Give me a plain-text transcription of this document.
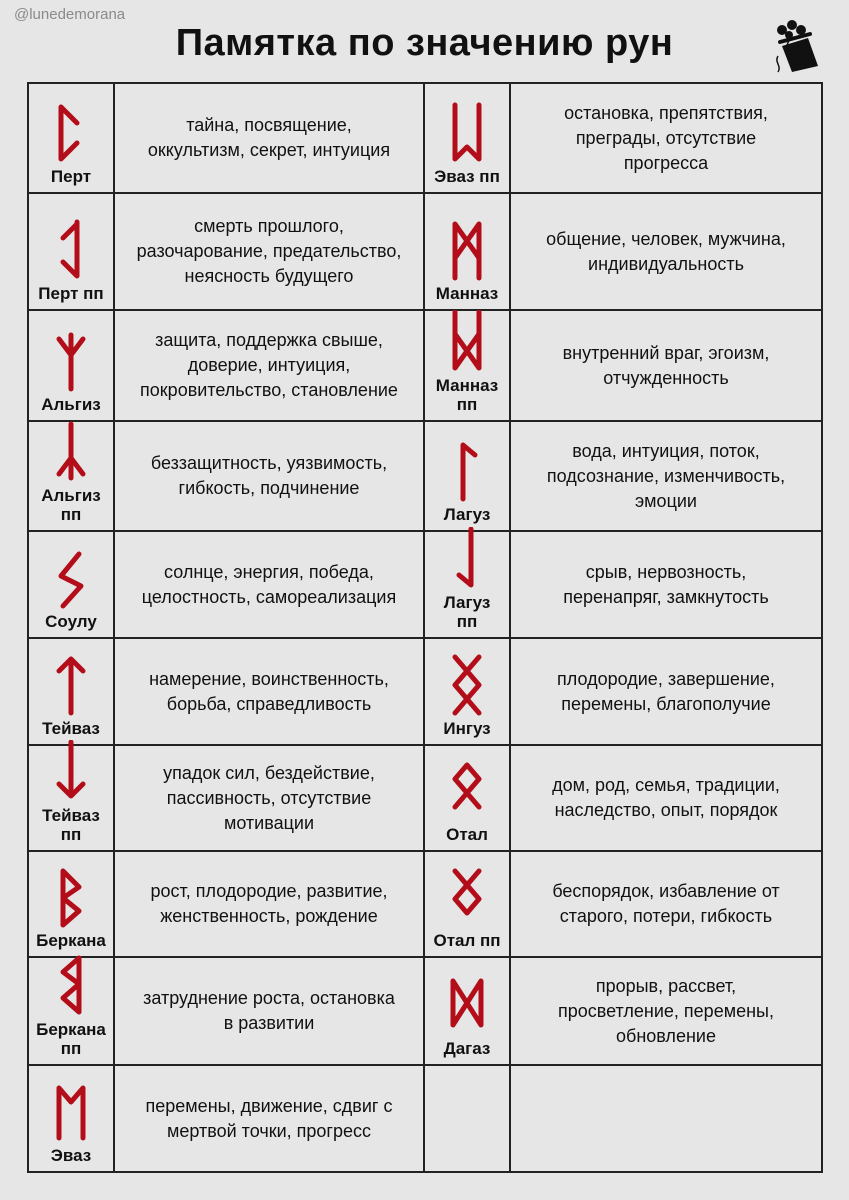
@lunedemorana
Памятка по значению рун
Перт
тайна, посвящение,
оккультизм, секрет, интуиция
Эваз пп
остановка, препятствия,
преграды, отсутствие
прогресса
Перт пп
смерть прошлого,
разочарование, предательство,
неясность будущего
Манназ
общение, человек, мужчина,
индивидуальность
Альгиз
защита, поддержка свыше,
доверие, интуиция,
покровительство, становление Манназ
пп
внутренний враг, эгоизм,
отчужденность
Альгиз
пп
беззащитность, уязвимость,
гибкость, подчинение
Лагуз
вода, интуиция, поток,
подсознание, изменчивость,
эмоции
Соулу
солнце, энергия, победа,
целостность, самореализация	Лагуз
пп
срыв, нервозность,
перенапряг, замкнутость
Тейваз
намерение, воинственность,
борьба, справедливость
Ингуз
плодородие, завершение,
перемены, благополучие
Тейваз
пп
упадок сил, бездействие,
пассивность, отсутствие
мотивации
Отал
дом, род, семья, традиции,
наследство, опыт, порядок
Беркана
рост, плодородие, развитие,
женственность, рождение
Отал пп
беспорядок, избавление от
старого, потери, гибкость
Беркана
пп
затруднение роста, остановка
в развитии
Дагаз
прорыв, рассвет,
просветление, перемены,
обновление
Эваз
перемены, движение, сдвиг с
мертвой точки, прогресс
